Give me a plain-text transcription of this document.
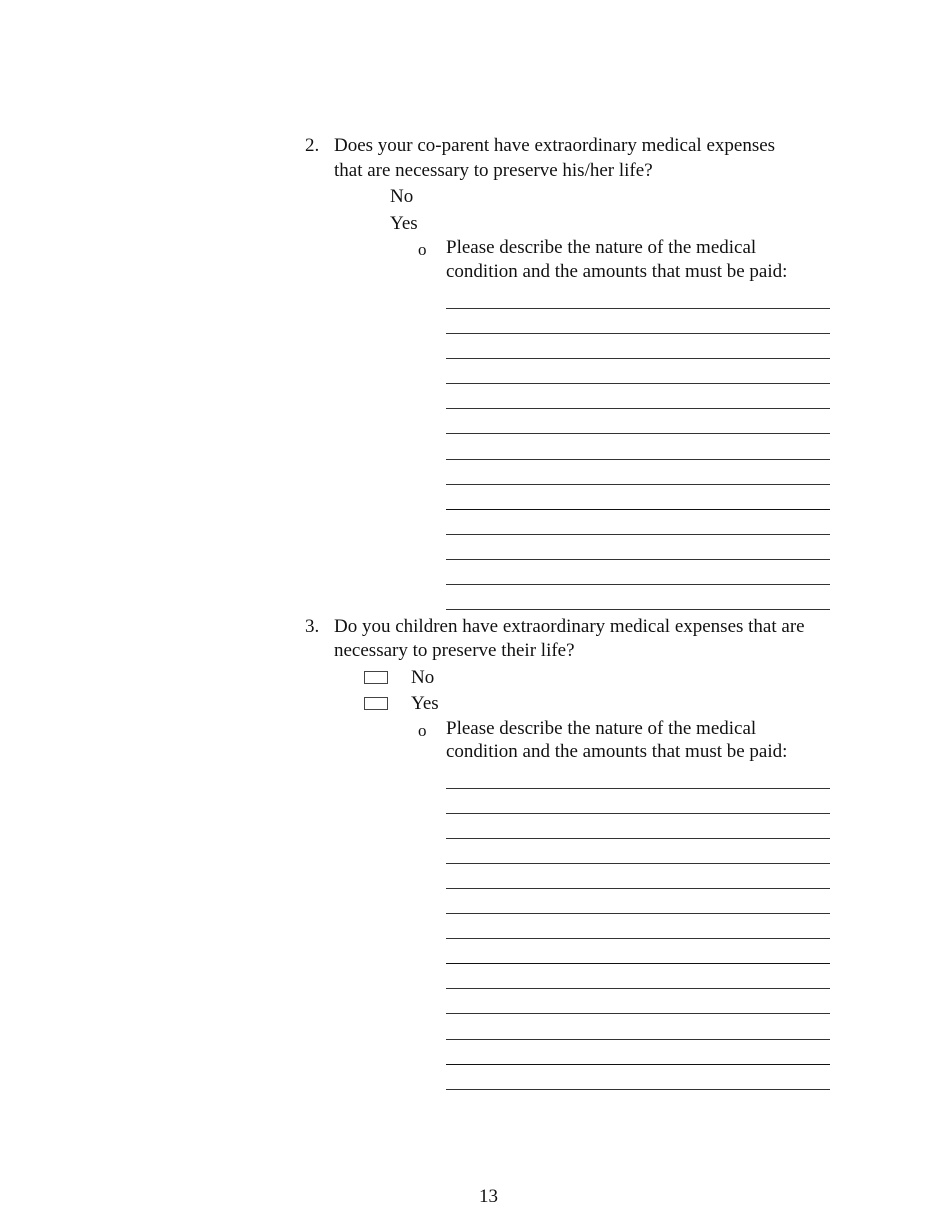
2. Does your co-parent have extraordinary medical expenses
that are necessary to preserve his/her life?
No
Yes
o Please describe the nature of the medical
condition and the amounts that must be paid:
3. Do you children have extraordinary medical expenses that are
necessary to preserve their life?
No
Yes
o Please describe the nature of the medical
condition and the amounts that must be paid:
13
